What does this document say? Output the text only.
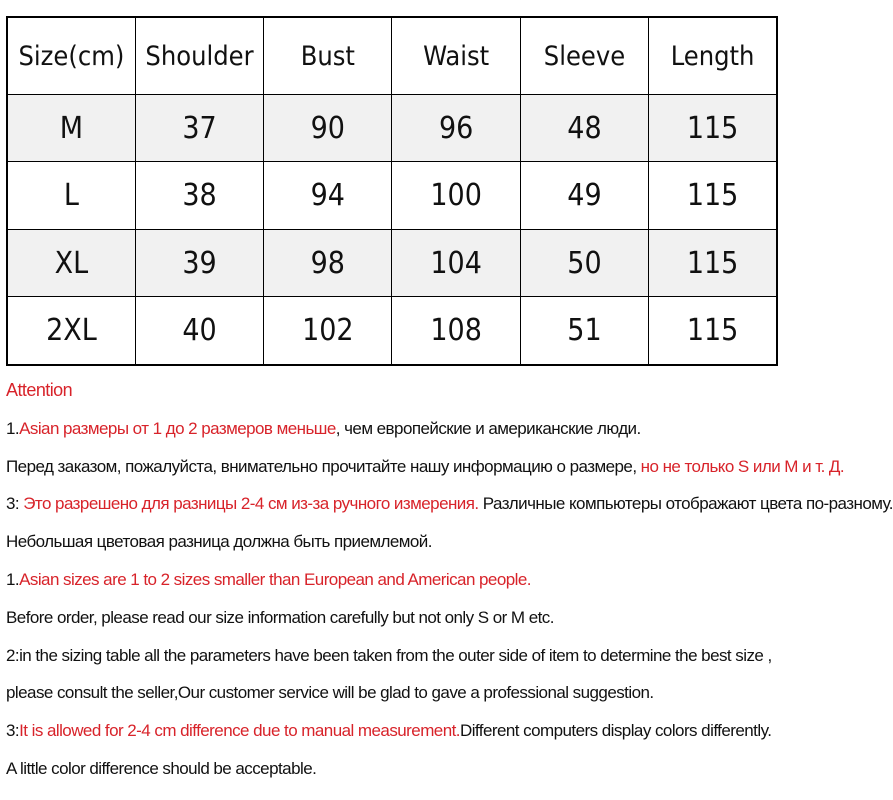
Size(cm)	Shoulder	Bust	Waist	Sleeve	Length
M	37	90	96	48	115
L	38	94	100	49	115
XL	39	98	104	50	115
2XL	40	102	108	51	115
Attention
1.Asian размеры от 1 до 2 размеров меньше, чем европейские и американские люди.
Перед заказом, пожалуйста, внимательно прочитайте нашу информацию о размере, но не только S или M и т. Д.
3: Это разрешено для разницы 2-4 см из-за ручного измерения. Различные компьютеры отображают цвета по-разному.
Небольшая цветовая разница должна быть приемлемой.
1.Asian sizes are 1 to 2 sizes smaller than European and American people.
Before order, please read our size information carefully but not only S or M etc.
2:in the sizing table all the parameters have been taken from the outer side of item to determine the best size ,
please consult the seller,Our customer service will be glad to gave a professional suggestion.
3:It is allowed for 2-4 cm difference due to manual measurement.Different computers display colors differently.
A little color difference should be acceptable.
